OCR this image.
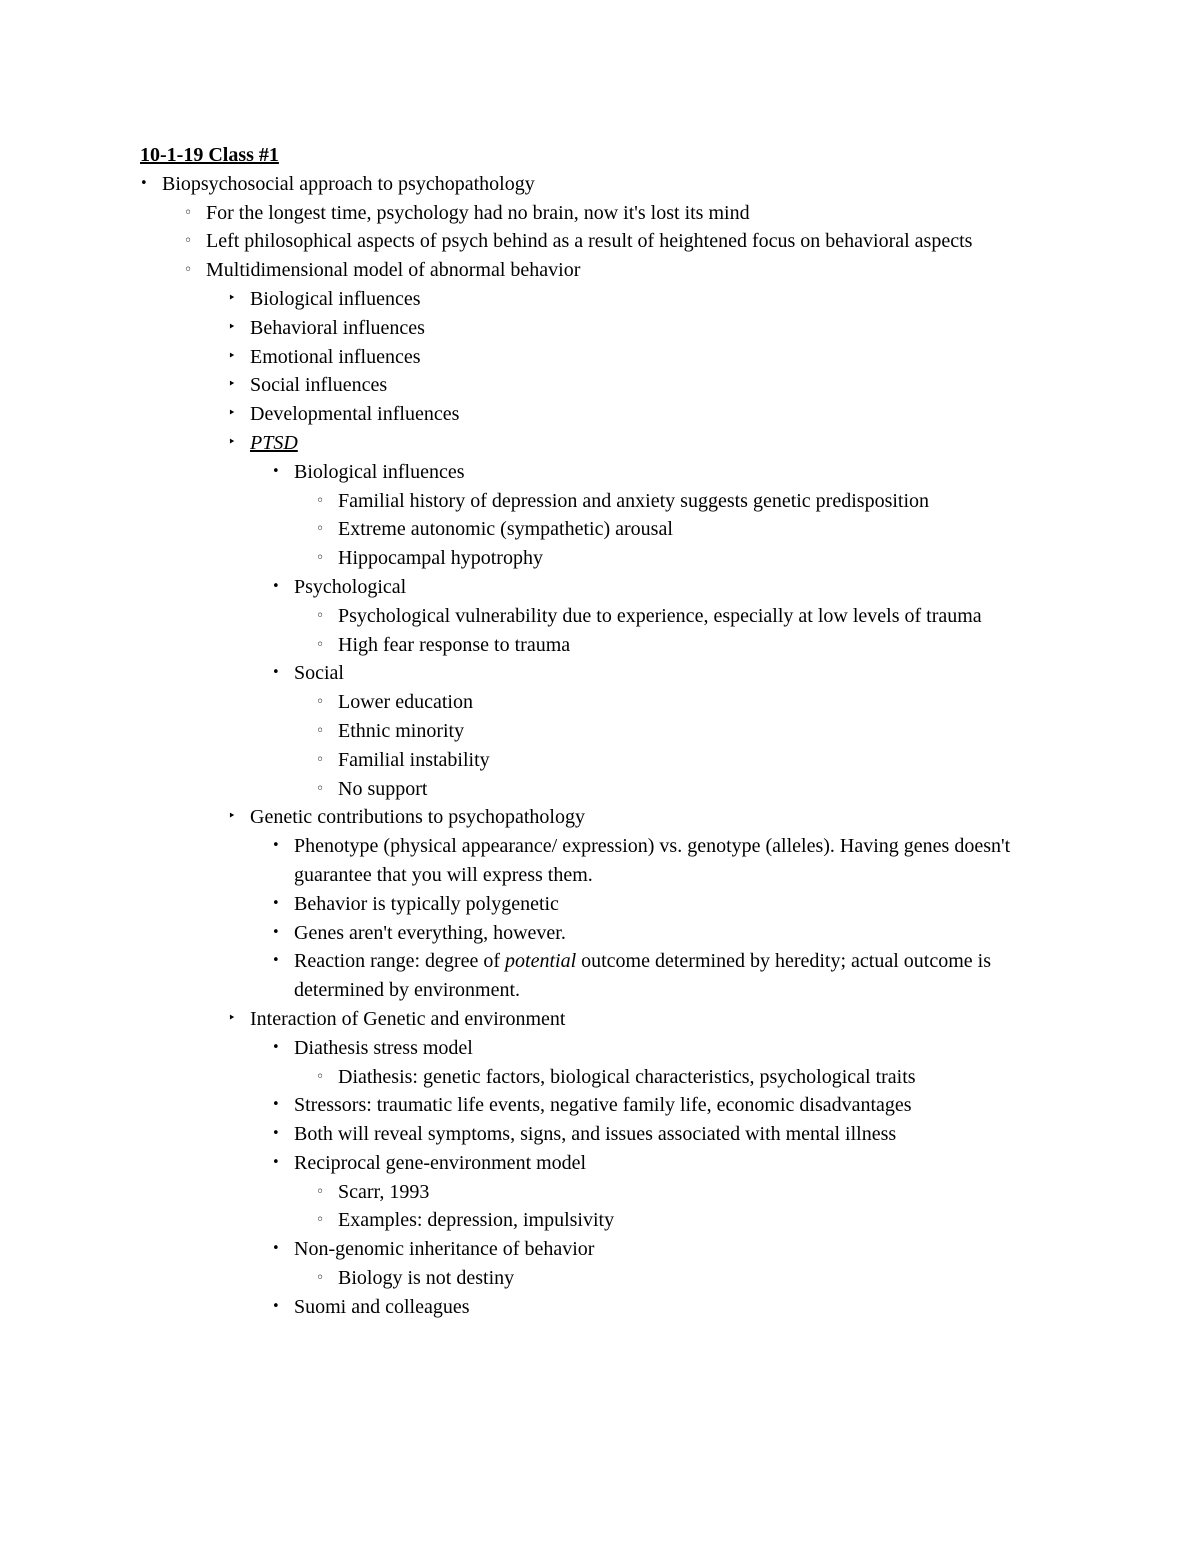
10-1-19 Class #1
• Biopsychosocial approach to psychopathology
◦ For the longest time, psychology had no brain, now it's lost its mind
◦ Left philosophical aspects of psych behind as a result of heightened focus on behavioral aspects
◦ Multidimensional model of abnormal behavior
‣ Biological influences
‣ Behavioral influences
‣ Emotional influences
‣ Social influences
‣ Developmental influences
‣ PTSD
• Biological influences
◦ Familial history of depression and anxiety suggests genetic predisposition
◦ Extreme autonomic (sympathetic) arousal
◦ Hippocampal hypotrophy
• Psychological
◦ Psychological vulnerability due to experience, especially at low levels of trauma
◦ High fear response to trauma
• Social
◦ Lower education
◦ Ethnic minority
◦ Familial instability
◦ No support
‣ Genetic contributions to psychopathology
• Phenotype (physical appearance/ expression) vs. genotype (alleles). Having genes doesn't guarantee that you will express them.
• Behavior is typically polygenetic
• Genes aren't everything, however.
• Reaction range: degree of potential outcome determined by heredity; actual outcome is determined by environment.
‣ Interaction of Genetic and environment
• Diathesis stress model
◦ Diathesis: genetic factors, biological characteristics, psychological traits
• Stressors: traumatic life events, negative family life, economic disadvantages
• Both will reveal symptoms, signs, and issues associated with mental illness
• Reciprocal gene-environment model
◦ Scarr, 1993
◦ Examples: depression, impulsivity
• Non-genomic inheritance of behavior
◦ Biology is not destiny
• Suomi and colleagues
